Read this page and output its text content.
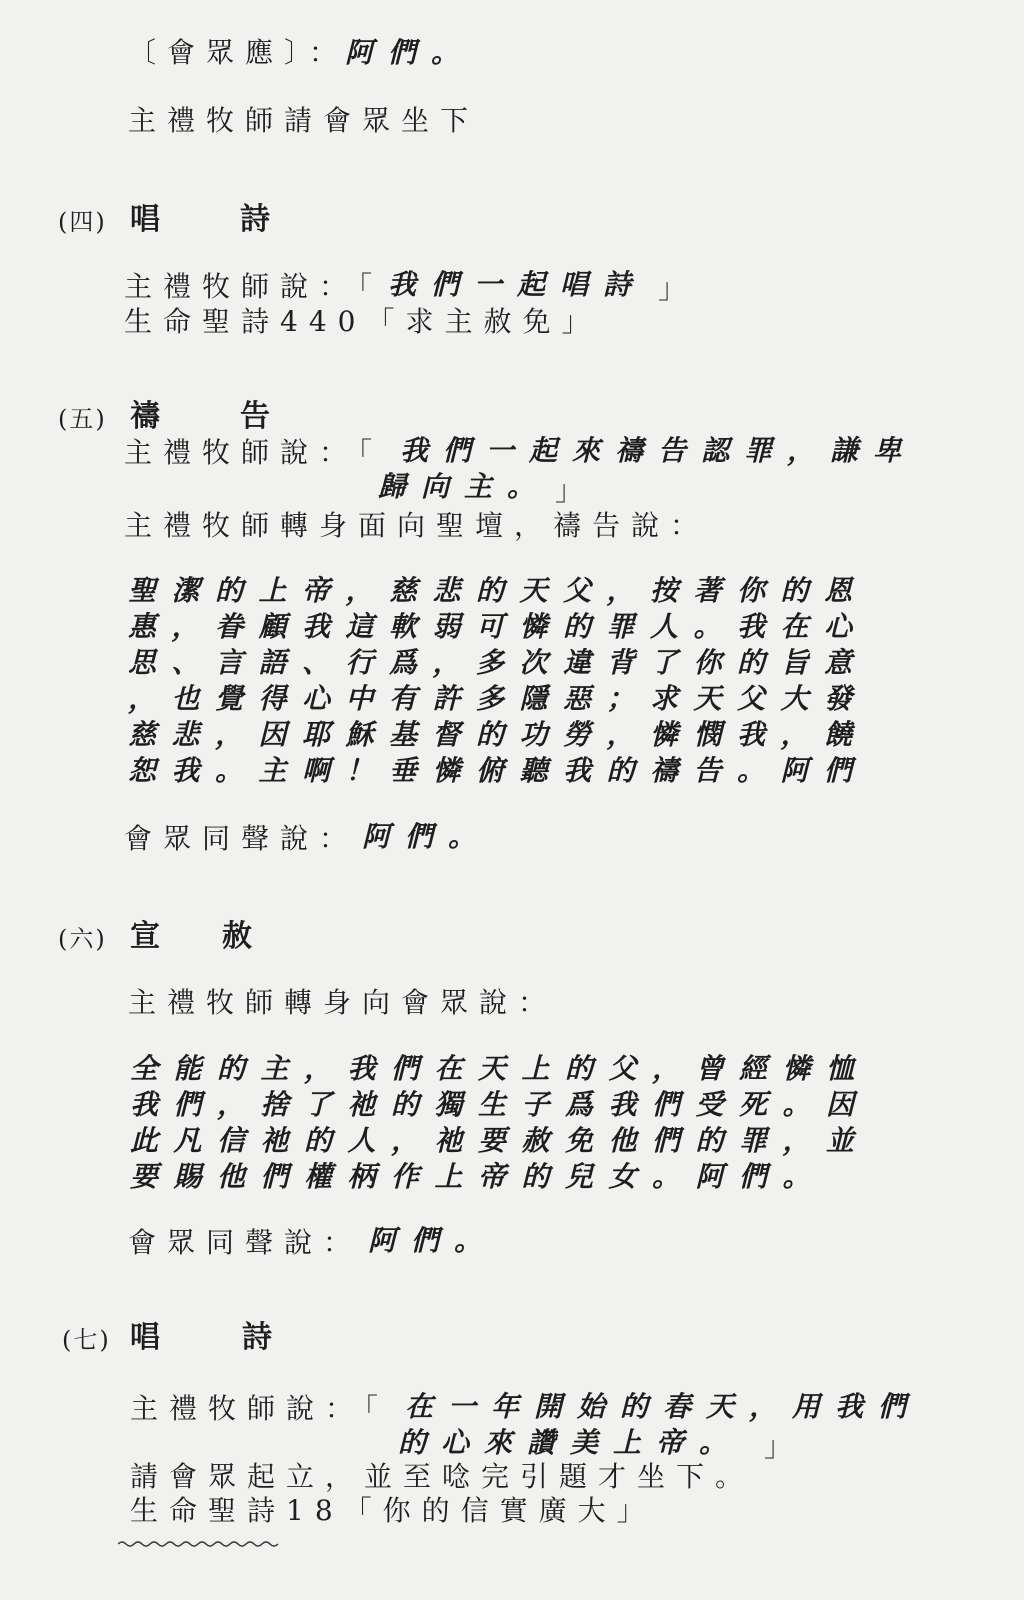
〔會眾應〕：
阿們。
主禮牧師請會眾坐下
(四) 唱	詩
主禮牧師說：「 我們一起唱詩 」
生命聖詩440「求主赦免」
(五) 禱	告
主禮牧師說：「 我們一起來禱告認罪，謙卑
歸向主。 」
主禮牧師轉身面向聖壇，禱告說：
聖潔的上帝，慈悲的天父，按著你的恩
惠，眷顧我這軟弱可憐的罪人。我在心
思、言語、行爲，多次違背了你的旨意
，也覺得心中有許多隱惡；求天父大發
慈悲，因耶穌基督的功勞，憐憫我，饒
恕我。主啊！垂憐俯聽我的禱告。阿們
會眾同聲說： 阿們。
(六) 宣 赦
主禮牧師轉身向會眾說：
全能的主，我們在天上的父，曾經憐恤
我們，捨了祂的獨生子爲我們受死。因
此凡信祂的人，祂要赦免他們的罪，並
要賜他們權柄作上帝的兒女。阿們。
會眾同聲說： 阿們。
(七) 唱	詩
主禮牧師說：「 在一年開始的春天，用我們
的心來讚美上帝。 」
請會眾起立，並至唸完引題才坐下。
生命聖詩18「你的信實廣大」
